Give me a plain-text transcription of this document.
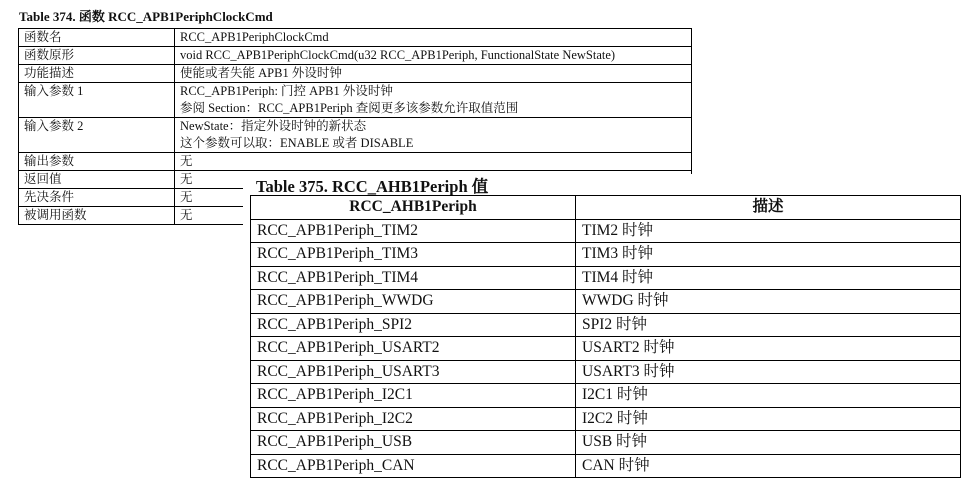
Table 374. 函数 RCC_APB1PeriphClockCmd
函数名	RCC_APB1PeriphClockCmd

函数原形	void RCC_APB1PeriphClockCmd(u32 RCC_APB1Periph, FunctionalState NewState)

功能描述	使能或者失能 APB1 外设时钟

输入参数 1	RCC_APB1Periph: 门控 APB1 外设时钟
参阅 Section：RCC_APB1Periph 查阅更多该参数允许取值范围

输入参数 2	NewState：指定外设时钟的新状态
这个参数可以取：ENABLE 或者 DISABLE

输出参数	无

返回值	无

先决条件	无

被调用函数	无
Table 375. RCC_AHB1Periph 值
RCC_AHB1Periph	描述
RCC_APB1Periph_TIM2	TIM2 时钟
RCC_APB1Periph_TIM3	TIM3 时钟
RCC_APB1Periph_TIM4	TIM4 时钟
RCC_APB1Periph_WWDG	WWDG 时钟
RCC_APB1Periph_SPI2	SPI2 时钟
RCC_APB1Periph_USART2	USART2 时钟
RCC_APB1Periph_USART3	USART3 时钟
RCC_APB1Periph_I2C1	I2C1 时钟
RCC_APB1Periph_I2C2	I2C2 时钟
RCC_APB1Periph_USB	USB 时钟
RCC_APB1Periph_CAN	CAN 时钟
